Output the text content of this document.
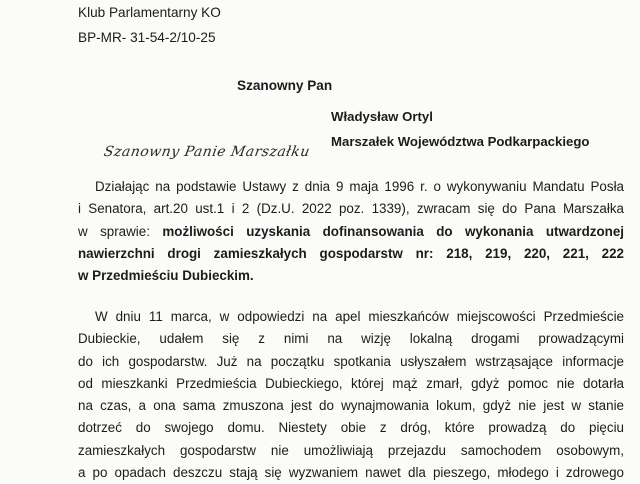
Klub Parlamentarny KO
BP-MR- 31-54-2/10-25
Szanowny Pan
Władysław Ortyl
Marszałek Województwa Podkarpackiego
Szanowny Panie Marszałku
Działając na podstawie Ustawy z dnia 9 maja 1996 r. o wykonywaniu Mandatu Posła
i Senatora, art.20 ust.1 i 2 (Dz.U. 2022 poz. 1339), zwracam się do Pana Marszałka
w sprawie: możliwości uzyskania dofinansowania do wykonania utwardzonej
nawierzchni drogi zamieszkałych gospodarstw nr: 218, 219, 220, 221, 222
w Przedmieściu Dubieckim.
W dniu 11 marca, w odpowiedzi na apel mieszkańców miejscowości Przedmieście
Dubieckie, udałem się z nimi na wizję lokalną drogami prowadzącymi
do ich gospodarstw. Już na początku spotkania usłyszałem wstrząsające informacje
od mieszkanki Przedmieścia Dubieckiego, której mąż zmarł, gdyż pomoc nie dotarła
na czas, a ona sama zmuszona jest do wynajmowania lokum, gdyż nie jest w stanie
dotrzeć do swojego domu. Niestety obie z dróg, które prowadzą do pięciu
zamieszkałych gospodarstw nie umożliwiają przejazdu samochodem osobowym,
a po opadach deszczu stają się wyzwaniem nawet dla pieszego, młodego i zdrowego
